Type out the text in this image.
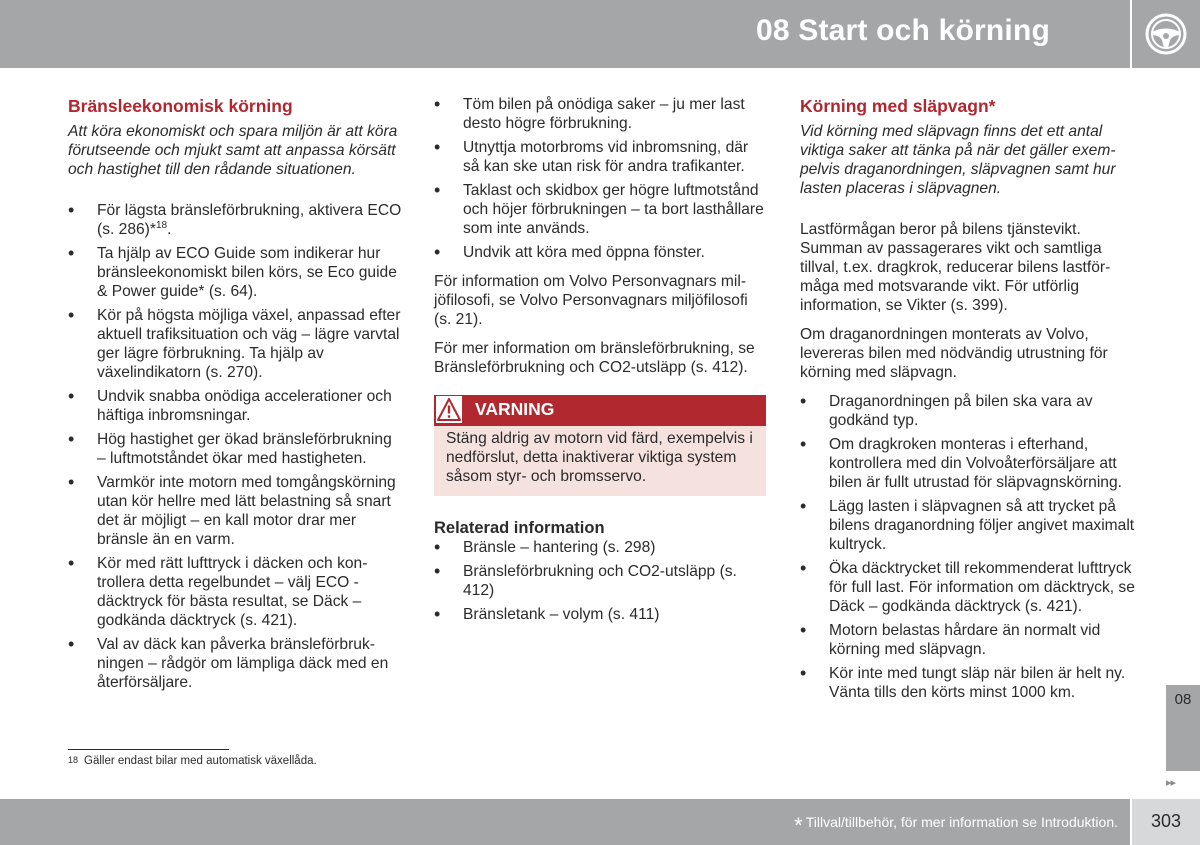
08 Start och körning
Bränsleekonomisk körning

Att köra ekonomiskt och spara miljön är att köra förutseende och mjukt samt att anpassa körsätt och hastighet till den rådande situationen.

• För lägsta bränsleförbrukning, aktivera ECO (s. 286)*$^{18}$.
• Ta hjälp av ECO Guide som indikerar hur bränsleekonomiskt bilen körs, se Eco guide & Power guide* (s. 64).
• Kör på högsta möjliga växel, anpassad efter aktuell trafiksituation och väg – lägre varvtal ger lägre förbrukning. Ta hjälp av växelindikatorn (s. 270).
• Undvik snabba onödiga accelerationer och häftiga inbromsningar.
• Hög hastighet ger ökad bränsleförbrukning – luftmotståndet ökar med hastigheten.
• Varmkör inte motorn med tomgångskörning utan kör hellre med lätt belastning så snart det är möjligt – en kall motor drar mer bränsle än en varm.
• Kör med rätt lufttryck i däcken och kontrollera detta regelbundet – välj ECO -däcktryck för bästa resultat, se Däck – godkända däcktryck (s. 421).
• Val av däck kan påverka bränsleförbrukningen – rådgör om lämpliga däck med en återförsäljare.
• Töm bilen på onödiga saker – ju mer last desto högre förbrukning.
• Utnyttja motorbroms vid inbromsning, där så kan ske utan risk för andra trafikanter.
• Taklast och skidbox ger högre luftmotstånd och höjer förbrukningen – ta bort lasthållare som inte används.
• Undvik att köra med öppna fönster.

För information om Volvo Personvagnars miljöfilosofi, se Volvo Personvagnars miljöfilosofi (s. 21).

För mer information om bränsleförbrukning, se Bränsleförbrukning och CO2-utsläpp (s. 412).

VARNING
Stäng aldrig av motorn vid färd, exempelvis i nedförslut, detta inaktiverar viktiga system såsom styr- och bromsservo.
Relaterad information
• Bränsle – hantering (s. 298)
• Bränsleförbrukning och CO2-utsläpp (s. 412)
• Bränsletank – volym (s. 411)
Körning med släpvagn*

Vid körning med släpvagn finns det ett antal viktiga saker att tänka på när det gäller exempelvis draganordningen, släpvagnen samt hur lasten placeras i släpvagnen.

Lastförmågan beror på bilens tjänstevikt. Summan av passagerares vikt och samtliga tillval, t.ex. dragkrok, reducerar bilens lastförmåga med motsvarande vikt. För utförlig information, se Vikter (s. 399).

Om draganordningen monterats av Volvo, levereras bilen med nödvändig utrustning för körning med släpvagn.

• Draganordningen på bilen ska vara av godkänd typ.
• Om dragkroken monteras i efterhand, kontrollera med din Volvoåterförsäljare att bilen är fullt utrustad för släpvagnskörning.
• Lägg lasten i släpvagnen så att trycket på bilens draganordning följer angivet maximalt kultryck.
• Öka däcktrycket till rekommenderat lufttryck för full last. För information om däcktryck, se Däck – godkända däcktryck (s. 421).
• Motorn belastas hårdare än normalt vid körning med släpvagn.
• Kör inte med tungt släp när bilen är helt ny. Vänta tills den körts minst 1000 km.	08
▸▸
18 Gäller endast bilar med automatisk växellåda.
* Tillval/tillbehör, för mer information se Introduktion.	303
